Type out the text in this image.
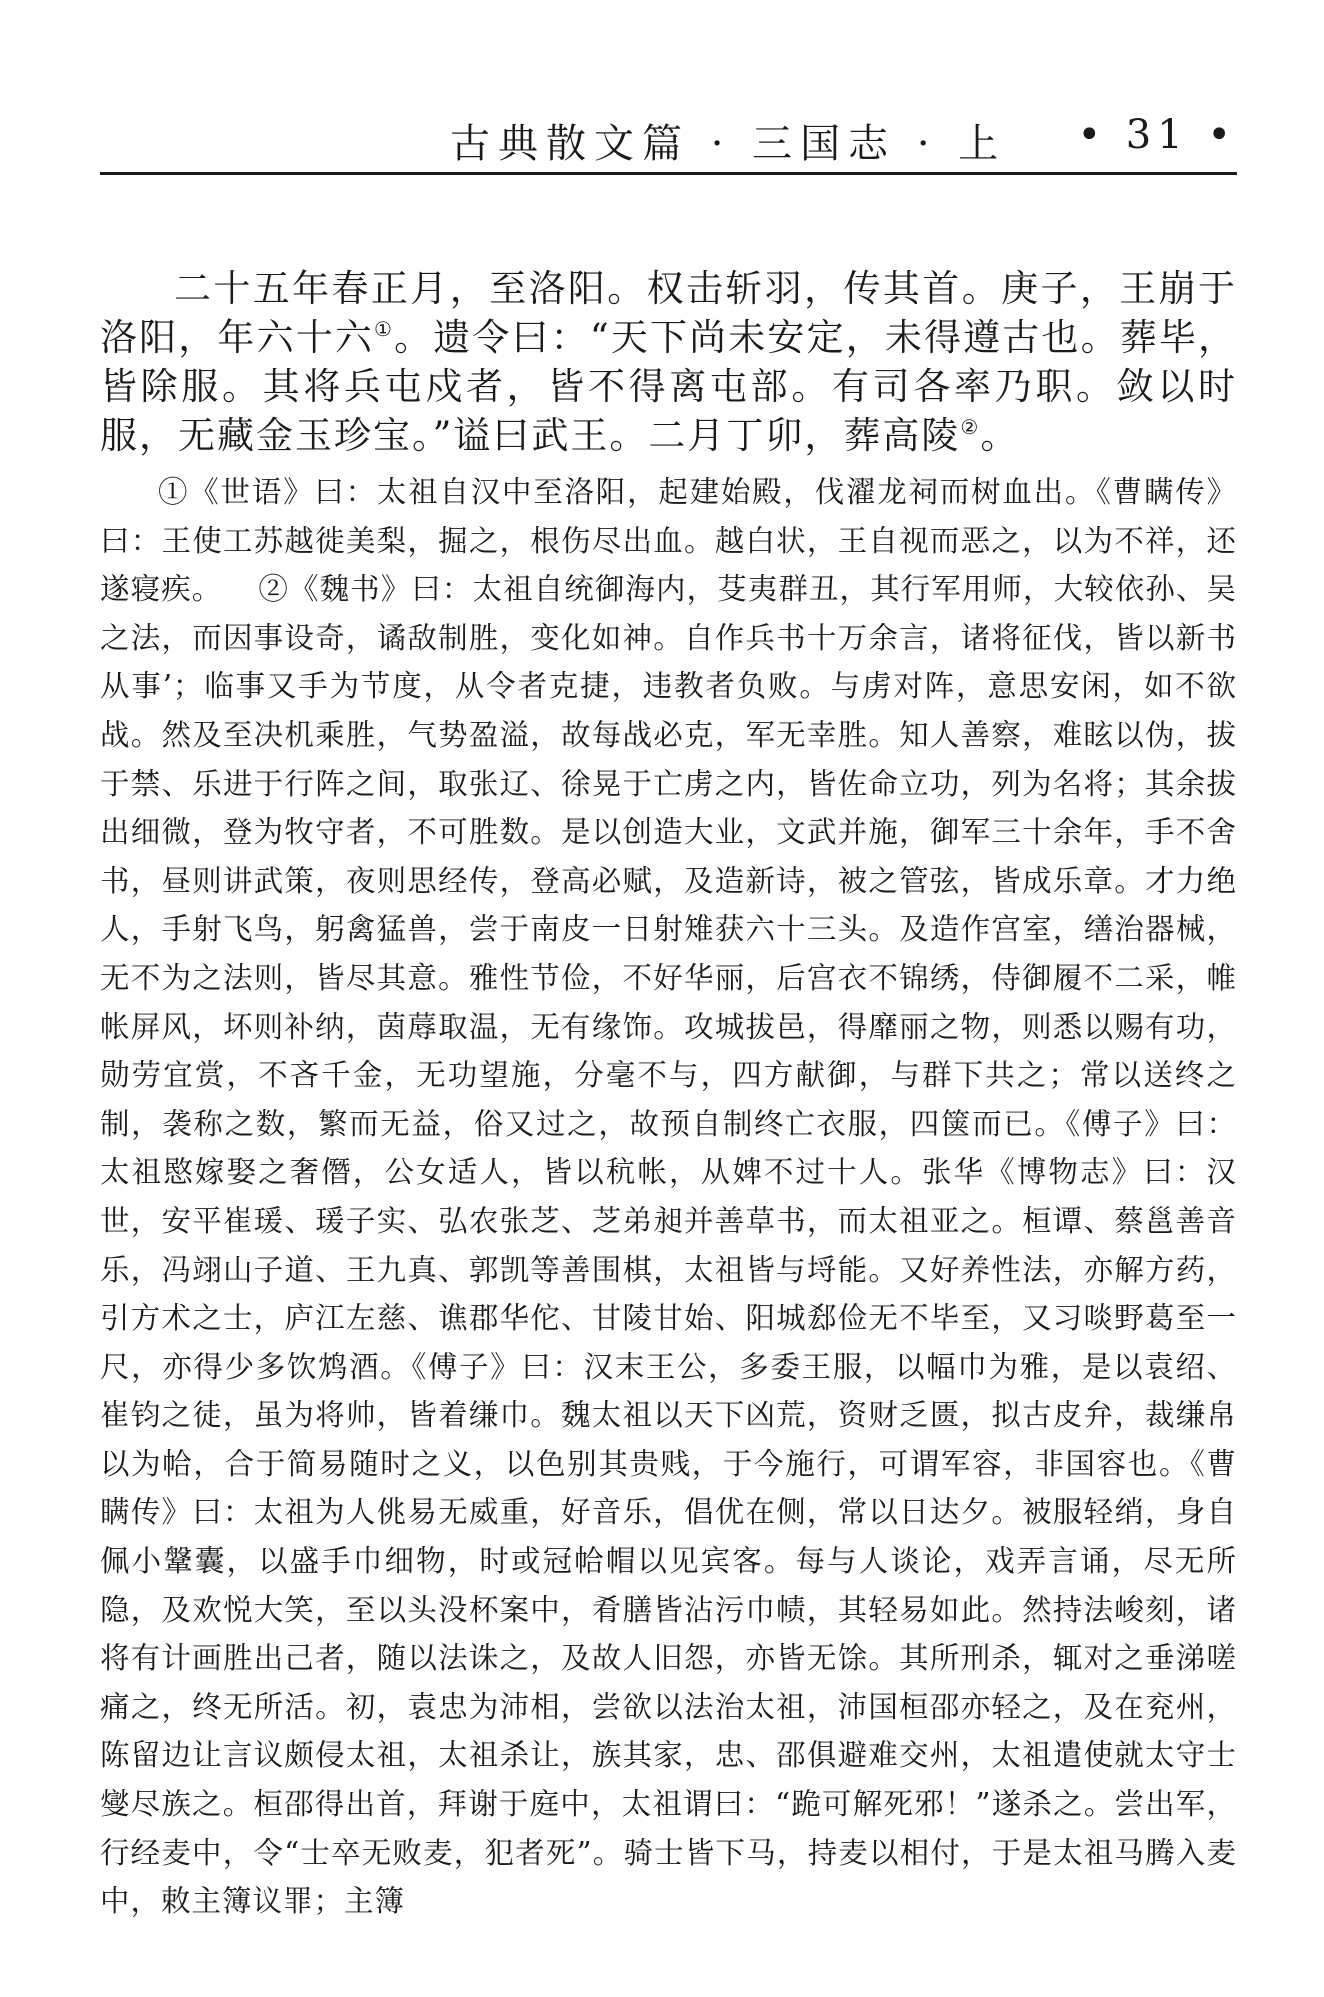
古典散文篇 · 三国志 · 上 • 31 •

二十五年春正月，至洛阳。权击斩羽，传其首。庚子，王崩于洛阳，年六十六①。遗令曰：“天下尚未安定，未得遵古也。葬毕，皆除服。其将兵屯戍者，皆不得离屯部。有司各率乃职。敛以时服，无藏金玉珍宝。”谥曰武王。二月丁卯，葬高陵②。

①《世语》曰：太祖自汉中至洛阳，起建始殿，伐濯龙祠而树血出。《曹瞒传》曰：王使工苏越徙美梨，掘之，根伤尽出血。越白状，王自视而恶之，以为不祥，还遂寝疾。 ②《魏书》曰：太祖自统御海内，芟夷群丑，其行军用师，大较依孙、吴之法，而因事设奇，谲敌制胜，变化如神。自作兵书十万余言，诸将征伐，皆以新书从事’；临事又手为节度，从令者克捷，违教者负败。与虏对阵，意思安闲，如不欲战。然及至决机乘胜，气势盈溢，故每战必克，军无幸胜。知人善察，难眩以伪，拔于禁、乐进于行阵之间，取张辽、徐晃于亡虏之内，皆佐命立功，列为名将；其余拔出细微，登为牧守者，不可胜数。是以创造大业，文武并施，御军三十余年，手不舍书，昼则讲武策，夜则思经传，登高必赋，及造新诗，被之管弦，皆成乐章。才力绝人，手射飞鸟，躬禽猛兽，尝于南皮一日射雉获六十三头。及造作宫室，缮治器械，无不为之法则，皆尽其意。雅性节俭，不好华丽，后宫衣不锦绣，侍御履不二采，帷帐屏风，坏则补纳，茵蓐取温，无有缘饰。攻城拔邑，得靡丽之物，则悉以赐有功，勋劳宜赏，不吝千金，无功望施，分毫不与，四方献御，与群下共之；常以送终之制，袭称之数，繁而无益，俗又过之，故预自制终亡衣服，四箧而已。《傅子》曰：太祖愍嫁娶之奢僭，公女适人，皆以秔帐，从婢不过十人。张华《博物志》曰：汉世，安平崔瑗、瑗子实、弘农张芝、芝弟昶并善草书，而太祖亚之。桓谭、蔡邕善音乐，冯翊山子道、王九真、郭凯等善围棋，太祖皆与埒能。又好养性法，亦解方药，引方术之士，庐江左慈、谯郡华佗、甘陵甘始、阳城郄俭无不毕至，又习啖野葛至一尺，亦得少多饮鸩酒。《傅子》曰：汉末王公，多委王服，以幅巾为雅，是以袁绍、崔钧之徒，虽为将帅，皆着缣巾。魏太祖以天下凶荒，资财乏匮，拟古皮弁，裁缣帛以为帢，合于简易随时之义，以色别其贵贱，于今施行，可谓军容，非国容也。《曹瞒传》曰：太祖为人佻易无威重，好音乐，倡优在侧，常以日达夕。被服轻绡，身自佩小鞶囊，以盛手巾细物，时或冠帢帽以见宾客。每与人谈论，戏弄言诵，尽无所隐，及欢悦大笑，至以头没杯案中，肴膳皆沾污巾帻，其轻易如此。然持法峻刻，诸将有计画胜出己者，随以法诛之，及故人旧怨，亦皆无馀。其所刑杀，辄对之垂涕嗟痛之，终无所活。初，袁忠为沛相，尝欲以法治太祖，沛国桓邵亦轻之，及在兖州，陈留边让言议颇侵太祖，太祖杀让，族其家，忠、邵俱避难交州，太祖遣使就太守士燮尽族之。桓邵得出首，拜谢于庭中，太祖谓曰：“跪可解死邪！”遂杀之。尝出军，行经麦中，令“士卒无败麦，犯者死”。骑士皆下马，持麦以相付，于是太祖马腾入麦中，敕主簿议罪；主簿
